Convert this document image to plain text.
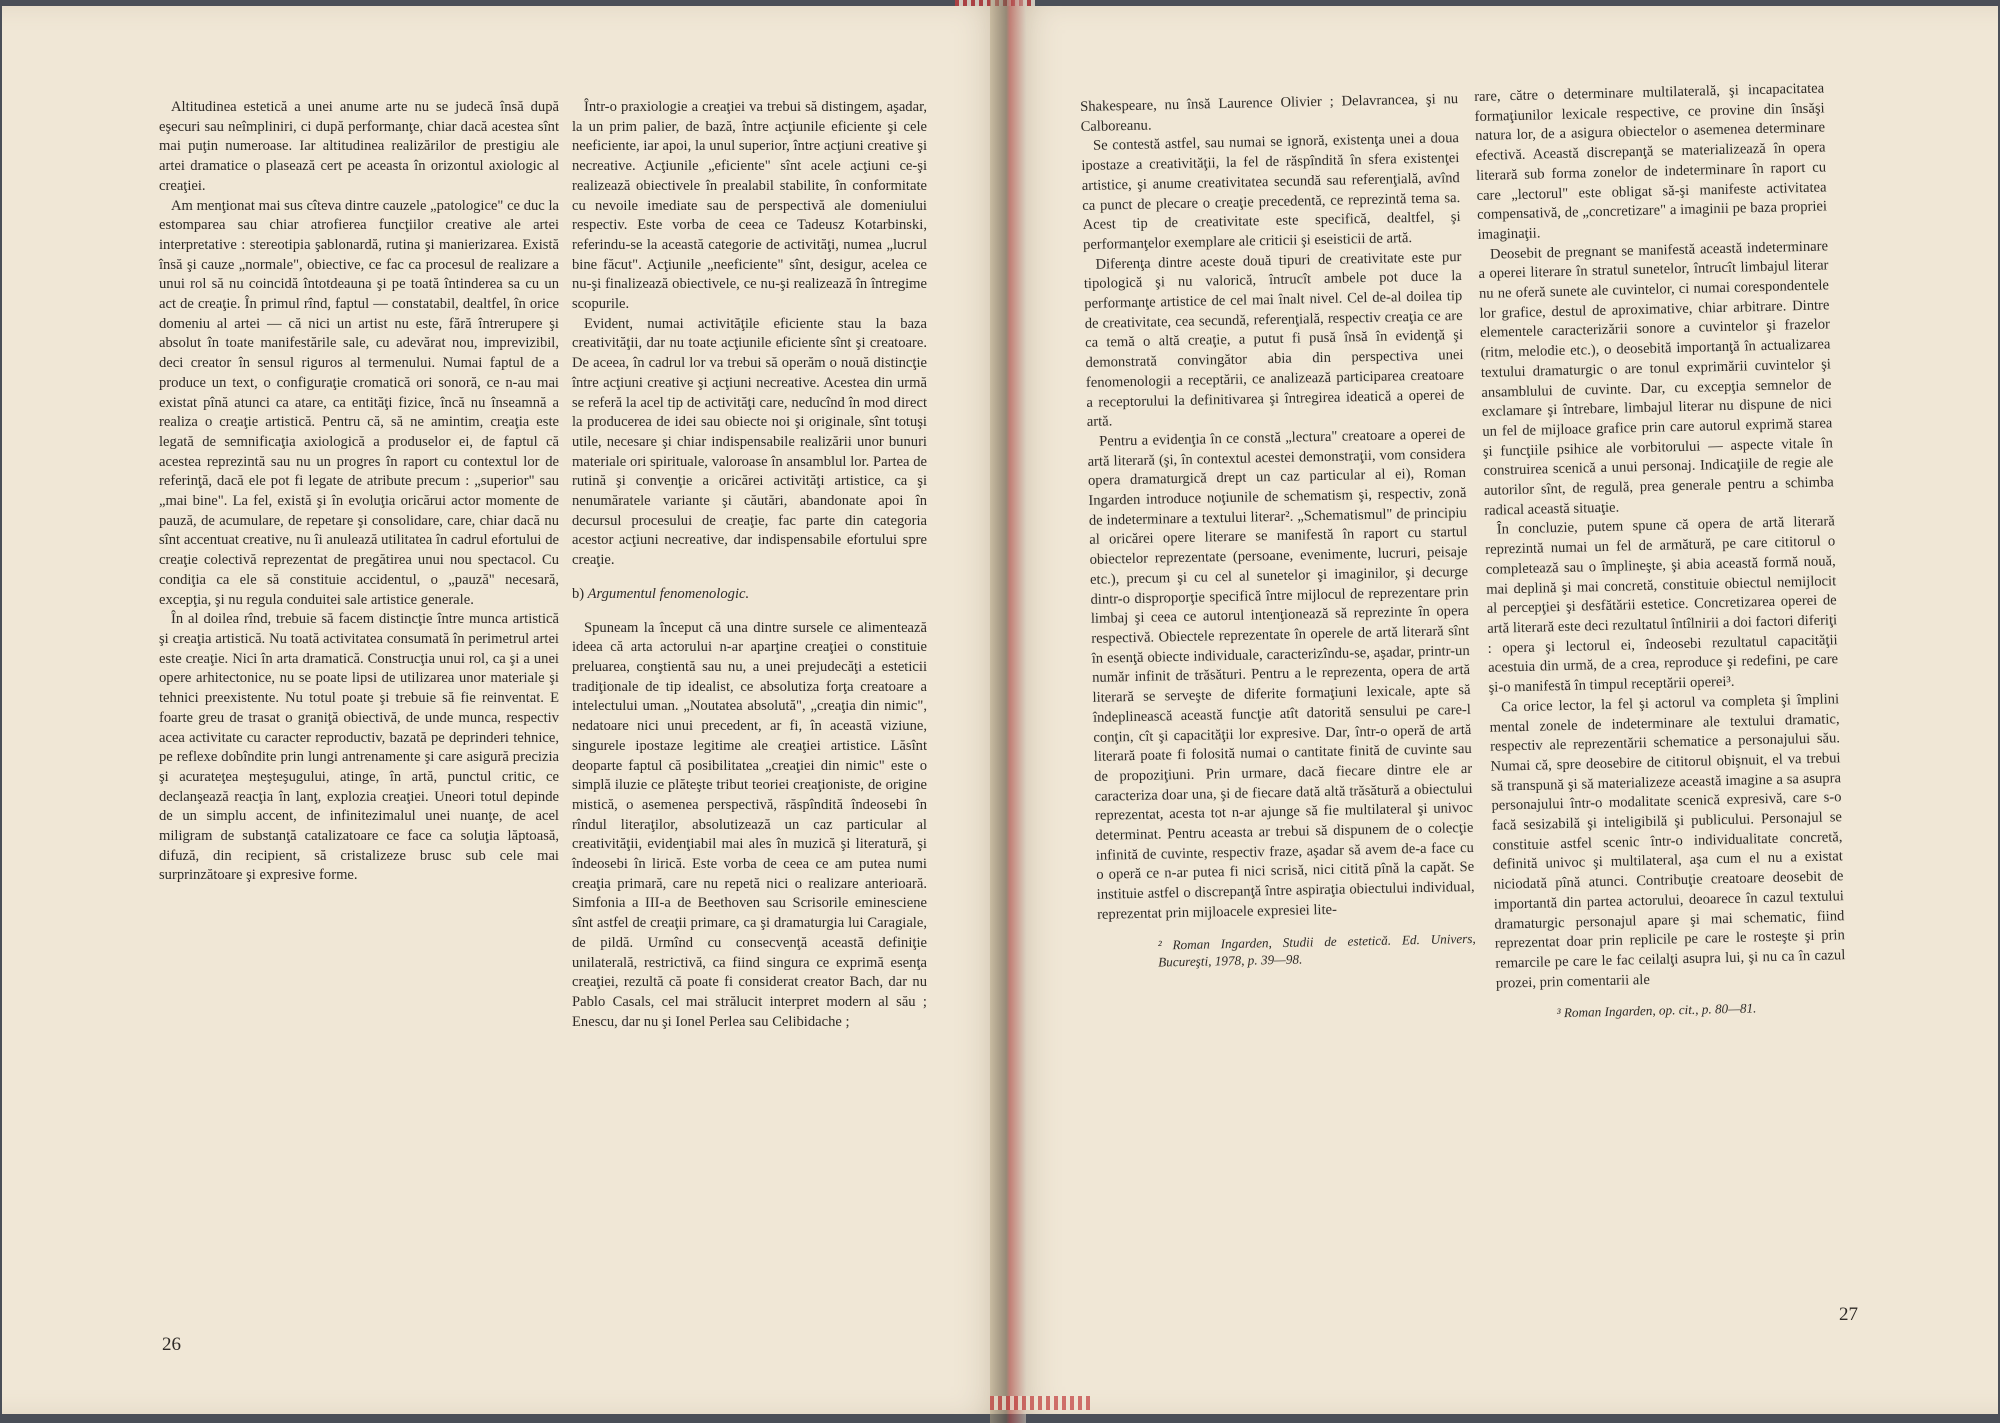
Altitudinea estetică a unei anume arte nu se judecă însă după eşecuri sau neîmpliniri, ci după performanţe, chiar dacă acestea sînt mai puţin numeroase. Iar altitudinea realizărilor de prestigiu ale artei dramatice o plasează cert pe aceasta în orizontul axiologic al creaţiei.

Am menţionat mai sus cîteva dintre cauzele „patologice" ce duc la estomparea sau chiar atrofierea funcţiilor creative ale artei interpretative : stereotipia şablonardă, rutina şi manierizarea. Există însă şi cauze „normale", obiective, ce fac ca procesul de realizare a unui rol să nu coincidă întotdeauna şi pe toată întinderea sa cu un act de creaţie. În primul rînd, faptul — constatabil, dealtfel, în orice domeniu al artei — că nici un artist nu este, fără întrerupere şi absolut în toate manifestările sale, cu adevărat nou, imprevizibil, deci creator în sensul riguros al termenului. Numai faptul de a produce un text, o configuraţie cromatică ori sonoră, ce n-au mai existat pînă atunci ca atare, ca entităţi fizice, încă nu înseamnă a realiza o creaţie artistică. Pentru că, să ne amintim, creaţia este legată de semnificaţia axiologică a produselor ei, de faptul că acestea reprezintă sau nu un progres în raport cu contextul lor de referinţă, dacă ele pot fi legate de atribute precum : „superior" sau „mai bine". La fel, există şi în evoluţia oricărui actor momente de pauză, de acumulare, de repetare şi consolidare, care, chiar dacă nu sînt accentuat creative, nu îi anulează utilitatea în cadrul efortului de creaţie colectivă reprezentat de pregătirea unui nou spectacol. Cu condiţia ca ele să constituie accidentul, o „pauză" necesară, excepţia, şi nu regula conduitei sale artistice generale.

În al doilea rînd, trebuie să facem distincţie între munca artistică şi creaţia artistică. Nu toată activitatea consumată în perimetrul artei este creaţie. Nici în arta dramatică. Construcţia unui rol, ca şi a unei opere arhitectonice, nu se poate lipsi de utilizarea unor materiale şi tehnici preexistente. Nu totul poate şi trebuie să fie reinventat. E foarte greu de trasat o graniţă obiectivă, de unde munca, respectiv acea activitate cu caracter reproductiv, bazată pe deprinderi tehnice, pe reflexe dobîndite prin lungi antrenamente şi care asigură precizia şi acurateţea meşteşugului, atinge, în artă, punctul critic, ce declanşează reacţia în lanţ, explozia creaţiei. Uneori totul depinde de un simplu accent, de infinitezimalul unei nuanţe, de acel miligram de substanţă catalizatoare ce face ca soluţia lăptoasă, difuză, din recipient, să cristalizeze brusc sub cele mai surprinzătoare şi expresive forme.

Într-o praxiologie a creaţiei va trebui să distingem, aşadar, la un prim palier, de bază, între acţiunile eficiente şi cele neeficiente, iar apoi, la unul superior, între acţiuni creative şi necreative. Acţiunile „eficiente" sînt acele acţiuni ce-şi realizează obiectivele în prealabil stabilite, în conformitate cu nevoile imediate sau de perspectivă ale domeniului respectiv. Este vorba de ceea ce Tadeusz Kotarbinski, referindu-se la această categorie de activităţi, numea „lucrul bine făcut". Acţiunile „neeficiente" sînt, desigur, acelea ce nu-şi finalizează obiectivele, ce nu-şi realizează în întregime scopurile.

Evident, numai activităţile eficiente stau la baza creativităţii, dar nu toate acţiunile eficiente sînt şi creatoare. De aceea, în cadrul lor va trebui să operăm o nouă distincţie între acţiuni creative şi acţiuni necreative. Acestea din urmă se referă la acel tip de activităţi care, neducînd în mod direct la producerea de idei sau obiecte noi şi originale, sînt totuşi utile, necesare şi chiar indispensabile realizării unor bunuri materiale ori spirituale, valoroase în ansamblul lor. Partea de rutină şi convenţie a oricărei activităţi artistice, ca şi nenumăratele variante şi căutări, abandonate apoi în decursul procesului de creaţie, fac parte din categoria acestor acţiuni necreative, dar indispensabile efortului spre creaţie.

b) Argumentul fenomenologic.

Spuneam la început că una dintre sursele ce alimentează ideea că arta actorului n-ar aparţine creaţiei o constituie preluarea, conştientă sau nu, a unei prejudecăţi a esteticii tradiţionale de tip idealist, ce absolutiza forţa creatoare a intelectului uman. „Noutatea absolută", „creaţia din nimic", nedatoare nici unui precedent, ar fi, în această viziune, singurele ipostaze legitime ale creaţiei artistice. Lăsînt deoparte faptul că posibilitatea „creaţiei din nimic" este o simplă iluzie ce plăteşte tribut teoriei creaţioniste, de origine mistică, o asemenea perspectivă, răspîndită îndeosebi în rîndul literaţilor, absolutizează un caz particular al creativităţii, evidenţiabil mai ales în muzică şi literatură, şi îndeosebi în lirică. Este vorba de ceea ce am putea numi creaţia primară, care nu repetă nici o realizare anterioară. Simfonia a III-a de Beethoven sau Scrisorile eminesciene sînt astfel de creaţii primare, ca şi dramaturgia lui Caragiale, de pildă. Urmînd cu consecvenţă această definiţie unilaterală, restrictivă, ca fiind singura ce exprimă esenţa creaţiei, rezultă că poate fi considerat creator Bach, dar nu Pablo Casals, cel mai strălucit interpret modern al său ; Enescu, dar nu şi Ionel Perlea sau Celibidache ;

26

Shakespeare, nu însă Laurence Olivier ; Delavrancea, şi nu Calboreanu.

Se contestă astfel, sau numai se ignoră, existenţa unei a doua ipostaze a creativităţii, la fel de răspîndită în sfera existenţei artistice, şi anume creativitatea secundă sau referenţială, avînd ca punct de plecare o creaţie precedentă, ce reprezintă tema sa. Acest tip de creativitate este specifică, dealtfel, şi performanţelor exemplare ale criticii şi eseisticii de artă.

Diferenţa dintre aceste două tipuri de creativitate este pur tipologică şi nu valorică, întrucît ambele pot duce la performanţe artistice de cel mai înalt nivel. Cel de-al doilea tip de creativitate, cea secundă, referenţială, respectiv creaţia ce are ca temă o altă creaţie, a putut fi pusă însă în evidenţă şi demonstrată convingător abia din perspectiva unei fenomenologii a receptării, ce analizează participarea creatoare a receptorului la definitivarea şi întregirea ideatică a operei de artă.

Pentru a evidenţia în ce constă „lectura" creatoare a operei de artă literară (şi, în contextul acestei demonstraţii, vom considera opera dramaturgică drept un caz particular al ei), Roman Ingarden introduce noţiunile de schematism şi, respectiv, zonă de indeterminare a textului literar². „Schematismul" de principiu al oricărei opere literare se manifestă în raport cu startul obiectelor reprezentate (persoane, evenimente, lucruri, peisaje etc.), precum şi cu cel al sunetelor şi imaginilor, şi decurge dintr-o disproporţie specifică între mijlocul de reprezentare prin limbaj şi ceea ce autorul intenţionează să reprezinte în opera respectivă. Obiectele reprezentate în operele de artă literară sînt în esenţă obiecte individuale, caracterizîndu-se, aşadar, printr-un număr infinit de trăsături. Pentru a le reprezenta, opera de artă literară se serveşte de diferite formaţiuni lexicale, apte să îndeplinească această funcţie atît datorită sensului pe care-l conţin, cît şi capacităţii lor expresive. Dar, într-o operă de artă literară poate fi folosită numai o cantitate finită de cuvinte sau de propoziţiuni. Prin urmare, dacă fiecare dintre ele ar caracteriza doar una, şi de fiecare dată altă trăsătură a obiectului reprezentat, acesta tot n-ar ajunge să fie multilateral şi univoc determinat. Pentru aceasta ar trebui să dispunem de o colecţie infinită de cuvinte, respectiv fraze, aşadar să avem de-a face cu o operă ce n-ar putea fi nici scrisă, nici citită pînă la capăt. Se instituie astfel o discrepanţă între aspiraţia obiectului individual, reprezentat prin mijloacele expresiei lite-

² Roman Ingarden, Studii de estetică. Ed. Univers, Bucureşti, 1978, p. 39—98.

rare, către o determinare multilaterală, şi incapacitatea formaţiunilor lexicale respective, ce provine din însăşi natura lor, de a asigura obiectelor o asemenea determinare efectivă. Această discrepanţă se materializează în opera literară sub forma zonelor de indeterminare în raport cu care „lectorul" este obligat să-şi manifeste activitatea compensativă, de „concretizare" a imaginii pe baza propriei imaginaţii.

Deosebit de pregnant se manifestă această indeterminare a operei literare în stratul sunetelor, întrucît limbajul literar nu ne oferă sunete ale cuvintelor, ci numai corespondentele lor grafice, destul de aproximative, chiar arbitrare. Dintre elementele caracterizării sonore a cuvintelor şi frazelor (ritm, melodie etc.), o deosebită importanţă în actualizarea textului dramaturgic o are tonul exprimării cuvintelor şi ansamblului de cuvinte. Dar, cu excepţia semnelor de exclamare şi întrebare, limbajul literar nu dispune de nici un fel de mijloace grafice prin care autorul exprimă starea şi funcţiile psihice ale vorbitorului — aspecte vitale în construirea scenică a unui personaj. Indicaţiile de regie ale autorilor sînt, de regulă, prea generale pentru a schimba radical această situaţie.

În concluzie, putem spune că opera de artă literară reprezintă numai un fel de armătură, pe care cititorul o completează sau o împlineşte, şi abia această formă nouă, mai deplină şi mai concretă, constituie obiectul nemijlocit al percepţiei şi desfătării estetice. Concretizarea operei de artă literară este deci rezultatul întîlnirii a doi factori diferiţi : opera şi lectorul ei, îndeosebi rezultatul capacităţii acestuia din urmă, de a crea, reproduce şi redefini, pe care şi-o manifestă în timpul receptării operei³.

Ca orice lector, la fel şi actorul va completa şi împlini mental zonele de indeterminare ale textului dramatic, respectiv ale reprezentării schematice a personajului său. Numai că, spre deosebire de cititorul obişnuit, el va trebui să transpună şi să materializeze această imagine a sa asupra personajului într-o modalitate scenică expresivă, care s-o facă sesizabilă şi inteligibilă şi publicului. Personajul se constituie astfel scenic într-o individualitate concretă, definită univoc şi multilateral, aşa cum el nu a existat niciodată pînă atunci. Contribuţie creatoare deosebit de importantă din partea actorului, deoarece în cazul textului dramaturgic personajul apare şi mai schematic, fiind reprezentat doar prin replicile pe care le rosteşte şi prin remarcile pe care le fac ceilalţi asupra lui, şi nu ca în cazul prozei, prin comentarii ale

³ Roman Ingarden, op. cit., p. 80—81.

27
